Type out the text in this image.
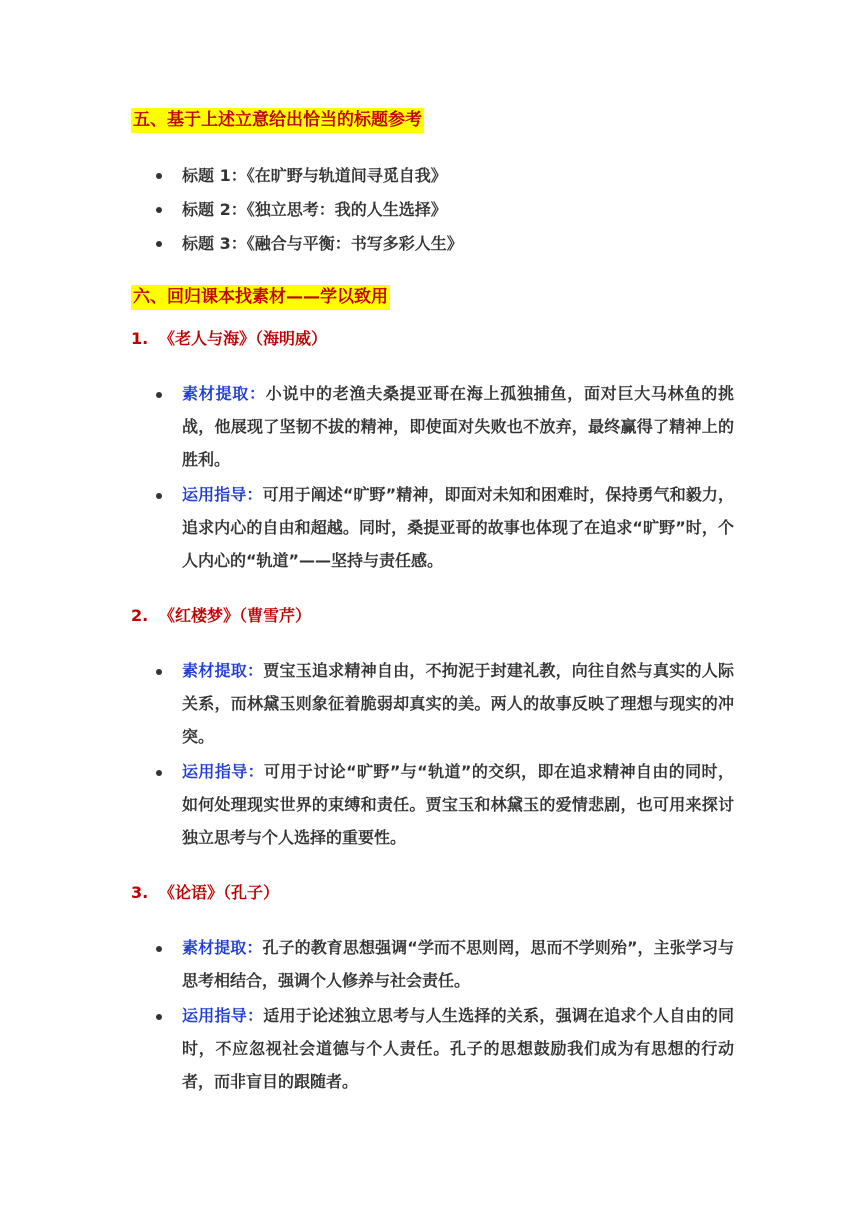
五、基于上述立意给出恰当的标题参考
标题 1：《在旷野与轨道间寻觅自我》
标题 2：《独立思考：我的人生选择》
标题 3：《融合与平衡：书写多彩人生》
六、回归课本找素材——学以致用
1. 《老人与海》（海明威）
素材提取：小说中的老渔夫桑提亚哥在海上孤独捕鱼，面对巨大马林鱼的挑战，他展现了坚韧不拔的精神，即使面对失败也不放弃，最终赢得了精神上的胜利。
运用指导：可用于阐述“旷野”精神，即面对未知和困难时，保持勇气和毅力，追求内心的自由和超越。同时，桑提亚哥的故事也体现了在追求“旷野”时，个人内心的“轨道”——坚持与责任感。
2. 《红楼梦》（曹雪芹）
素材提取：贾宝玉追求精神自由，不拘泥于封建礼教，向往自然与真实的人际关系，而林黛玉则象征着脆弱却真实的美。两人的故事反映了理想与现实的冲突。
运用指导：可用于讨论“旷野”与“轨道”的交织，即在追求精神自由的同时，如何处理现实世界的束缚和责任。贾宝玉和林黛玉的爱情悲剧，也可用来探讨独立思考与个人选择的重要性。
3. 《论语》（孔子）
素材提取：孔子的教育思想强调“学而不思则罔，思而不学则殆”，主张学习与思考相结合，强调个人修养与社会责任。
运用指导：适用于论述独立思考与人生选择的关系，强调在追求个人自由的同时，不应忽视社会道德与个人责任。孔子的思想鼓励我们成为有思想的行动者，而非盲目的跟随者。
